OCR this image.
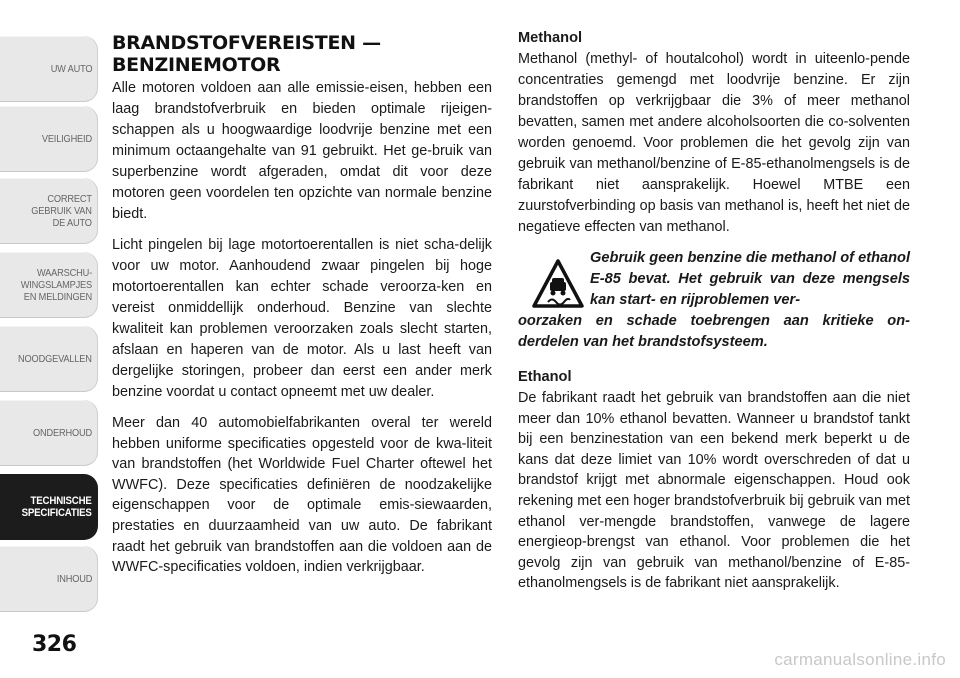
UW AUTO
VEILIGHEID
CORRECT
GEBRUIK VAN
DE AUTO
WAARSCHU-
WINGSLAMPJES
EN MELDINGEN
NOODGEVALLEN
ONDERHOUD
TECHNISCHE
SPECIFICATIES
INHOUD
326
BRANDSTOFVEREISTEN — BENZINEMOTOR

Alle motoren voldoen aan alle emissie-eisen, hebben een laag brandstofverbruik en bieden optimale rijeigen-schappen als u hoogwaardige loodvrije benzine met een minimum octaangehalte van 91 gebruikt. Het ge-bruik van superbenzine wordt afgeraden, omdat dit voor deze motoren geen voordelen ten opzichte van normale benzine biedt.

Licht pingelen bij lage motortoerentallen is niet scha-delijk voor uw motor. Aanhoudend zwaar pingelen bij hoge motortoerentallen kan echter schade veroorza-ken en vereist onmiddellijk onderhoud. Benzine van slechte kwaliteit kan problemen veroorzaken zoals slecht starten, afslaan en haperen van de motor. Als u last heeft van dergelijke storingen, probeer dan eerst een ander merk benzine voordat u contact opneemt met uw dealer.

Meer dan 40 automobielfabrikanten overal ter wereld hebben uniforme specificaties opgesteld voor de kwa-liteit van brandstoffen (het Worldwide Fuel Charter oftewel het WWFC). Deze specificaties definiëren de noodzakelijke eigenschappen voor de optimale emis-siewaarden, prestaties en duurzaamheid van uw auto. De fabrikant raadt het gebruik van brandstoffen aan die voldoen aan de WWFC-specificaties voldoen, indien verkrijgbaar.

Methanol

Methanol (methyl- of houtalcohol) wordt in uiteenlo-pende concentraties gemengd met loodvrije benzine. Er zijn brandstoffen op verkrijgbaar die 3% of meer methanol bevatten, samen met andere alcoholsoorten die co-solventen worden genoemd. Voor problemen die het gevolg zijn van gebruik van methanol/benzine of E-85-ethanolmengsels is de fabrikant niet aansprakelijk. Hoewel MTBE een zuurstofverbinding op basis van methanol is, heeft het niet de negatieve effecten van methanol.

Gebruik geen benzine die methanol of ethanol E-85 bevat. Het gebruik van deze mengsels kan start- en rijproblemen ver-
oorzaken en schade toebrengen aan kritieke on-derdelen van het brandstofsysteem.

Ethanol

De fabrikant raadt het gebruik van brandstoffen aan die niet meer dan 10% ethanol bevatten. Wanneer u brandstof tankt bij een benzinestation van een bekend merk beperkt u de kans dat deze limiet van 10% wordt overschreden of dat u brandstof krijgt met abnormale eigenschappen. Houd ook rekening met een hoger brandstofverbruik bij gebruik van met ethanol ver-mengde brandstoffen, vanwege de lagere energieop-brengst van ethanol. Voor problemen die het gevolg zijn van gebruik van methanol/benzine of E-85-ethanolmengsels is de fabrikant niet aansprakelijk.

carmanualsonline.info
